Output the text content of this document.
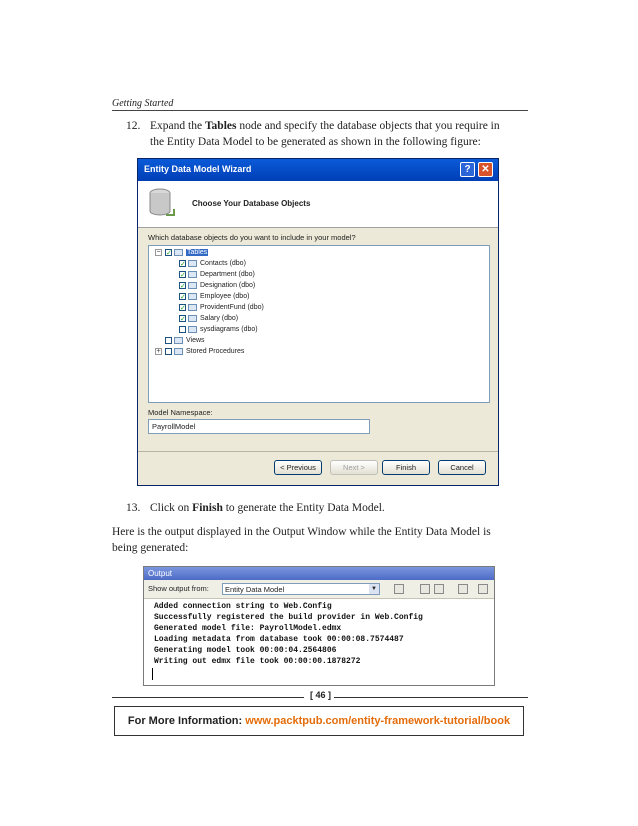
Getting Started
12. Expand the Tables node and specify the database objects that you require in
the Entity Data Model to be generated as shown in the following figure:
Entity Data Model Wizard	?	✕
Choose Your Database Objects
Which database objects do you want to include in your model?
− ✓ Tables
✓ Contacts (dbo)
✓ Department (dbo)
✓ Designation (dbo)
✓ Employee (dbo)
✓ ProvidentFund (dbo)
✓ Salary (dbo)
sysdiagrams (dbo)
Views
+	Stored Procedures
Model Namespace:
PayrollModel
< Previous	Next >	Finish	Cancel
13. Click on Finish to generate the Entity Data Model.
Here is the output displayed in the Output Window while the Entity Data Model is
being generated:
Output
Show output from:	Entity Data Model	▼
Added connection string to Web.Config
Successfully registered the build provider in Web.Config
Generated model file: PayrollModel.edmx
Loading metadata from database took 00:00:08.7574487
Generating model took 00:00:04.2564806
Writing out edmx file took 00:00:00.1878272
[ 46 ]
For More Information: www.packtpub.com/entity-framework-tutorial/book
